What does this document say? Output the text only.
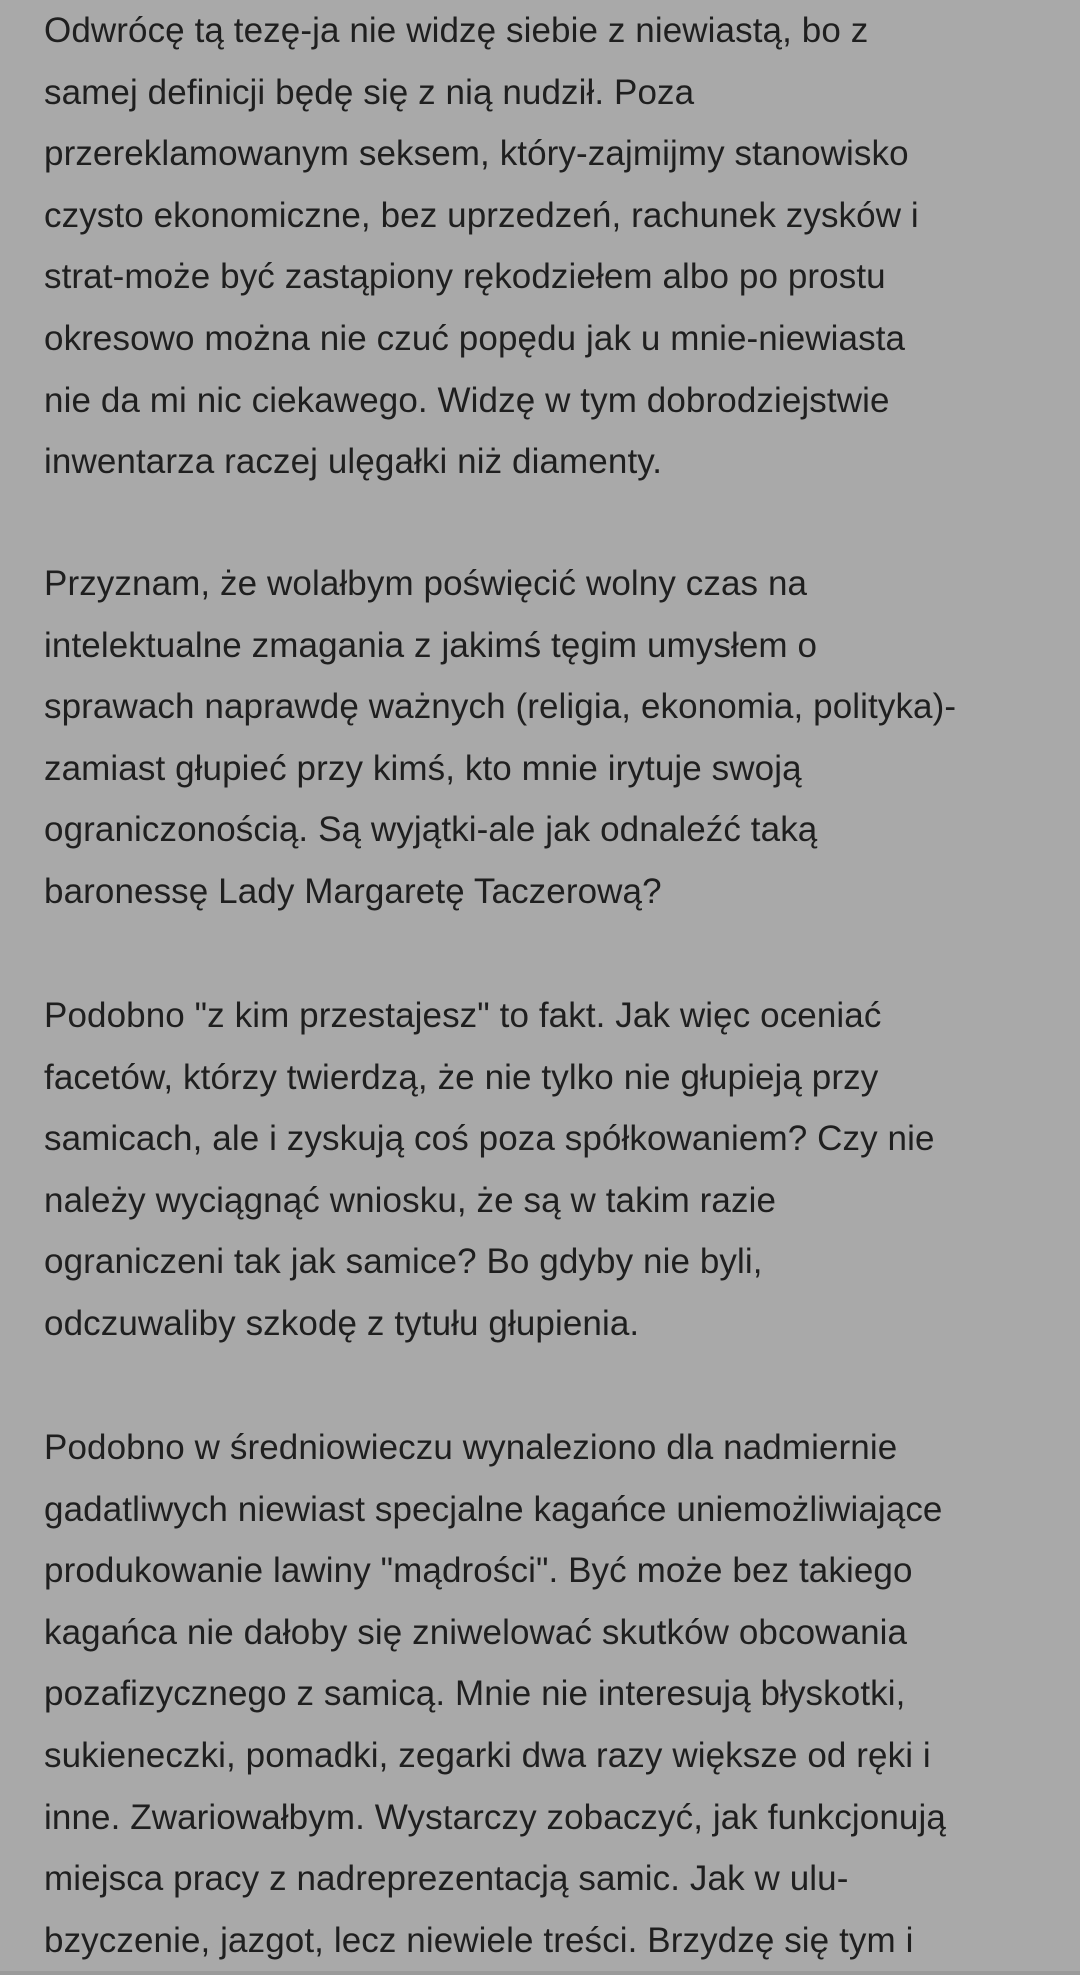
Odwrócę tą tezę-ja nie widzę siebie z niewiastą, bo z
samej definicji będę się z nią nudził. Poza
przereklamowanym seksem, który-zajmijmy stanowisko
czysto ekonomiczne, bez uprzedzeń, rachunek zysków i
strat-może być zastąpiony rękodziełem albo po prostu
okresowo można nie czuć popędu jak u mnie-niewiasta
nie da mi nic ciekawego. Widzę w tym dobrodziejstwie
inwentarza raczej ulęgałki niż diamenty.

Przyznam, że wolałbym poświęcić wolny czas na
intelektualne zmagania z jakimś tęgim umysłem o
sprawach naprawdę ważnych (religia, ekonomia, polityka)-
zamiast głupieć przy kimś, kto mnie irytuje swoją
ograniczonością. Są wyjątki-ale jak odnaleźć taką
baronessę Lady Margaretę Taczerową?

Podobno "z kim przestajesz" to fakt. Jak więc oceniać
facetów, którzy twierdzą, że nie tylko nie głupieją przy
samicach, ale i zyskują coś poza spółkowaniem? Czy nie
należy wyciągnąć wniosku, że są w takim razie
ograniczeni tak jak samice? Bo gdyby nie byli,
odczuwaliby szkodę z tytułu głupienia.

Podobno w średniowieczu wynaleziono dla nadmiernie
gadatliwych niewiast specjalne kagańce uniemożliwiające
produkowanie lawiny "mądrości". Być może bez takiego
kagańca nie dałoby się zniwelować skutków obcowania
pozafizycznego z samicą. Mnie nie interesują błyskotki,
sukieneczki, pomadki, zegarki dwa razy większe od ręki i
inne. Zwariowałbym. Wystarczy zobaczyć, jak funkcjonują
miejsca pracy z nadreprezentacją samic. Jak w ulu-
bzyczenie, jazgot, lecz niewiele treści. Brzydzę się tym i
